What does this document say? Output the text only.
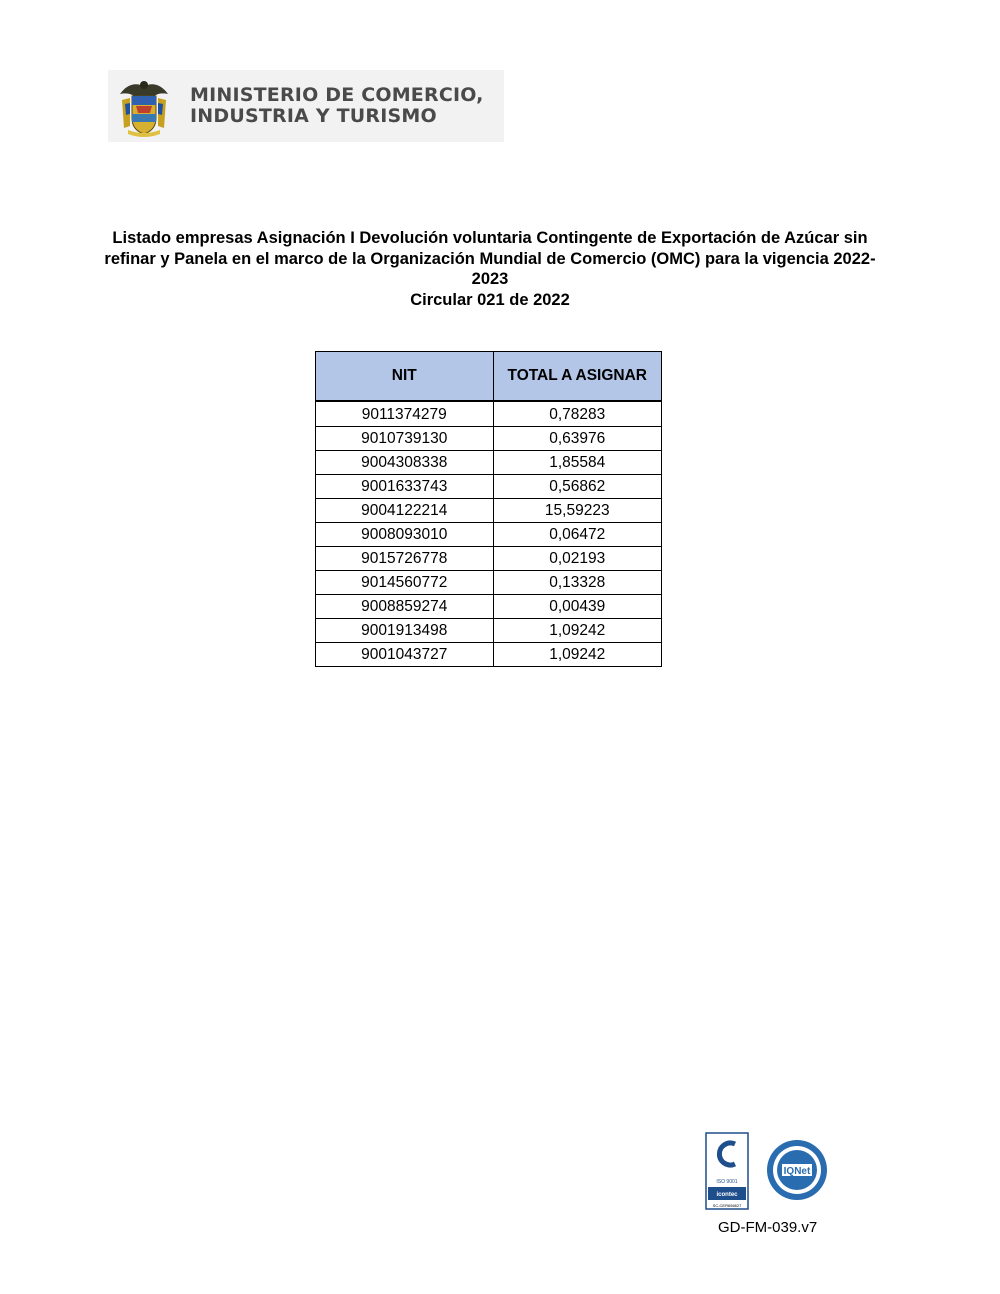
MINISTERIO DE COMERCIO,
INDUSTRIA Y TURISMO
Listado empresas Asignación I Devolución voluntaria Contingente de Exportación de Azúcar sin
refinar y Panela en el marco de la Organización Mundial de Comercio (OMC) para la vigencia 2022-
2023
Circular 021 de 2022
NIT	TOTAL A ASIGNAR
9011374279	0,78283
9010739130	0,63976
9004308338	1,85584
9001633743	0,56862
9004122214	15,59223
9008093010	0,06472
9015726778	0,02193
9014560772	0,13328
9008859274	0,00439
9001913498	1,09242
9001043727	1,09242
ISO 9001
icontec
SC-CER656627
IQNet
GD-FM-039.v7
